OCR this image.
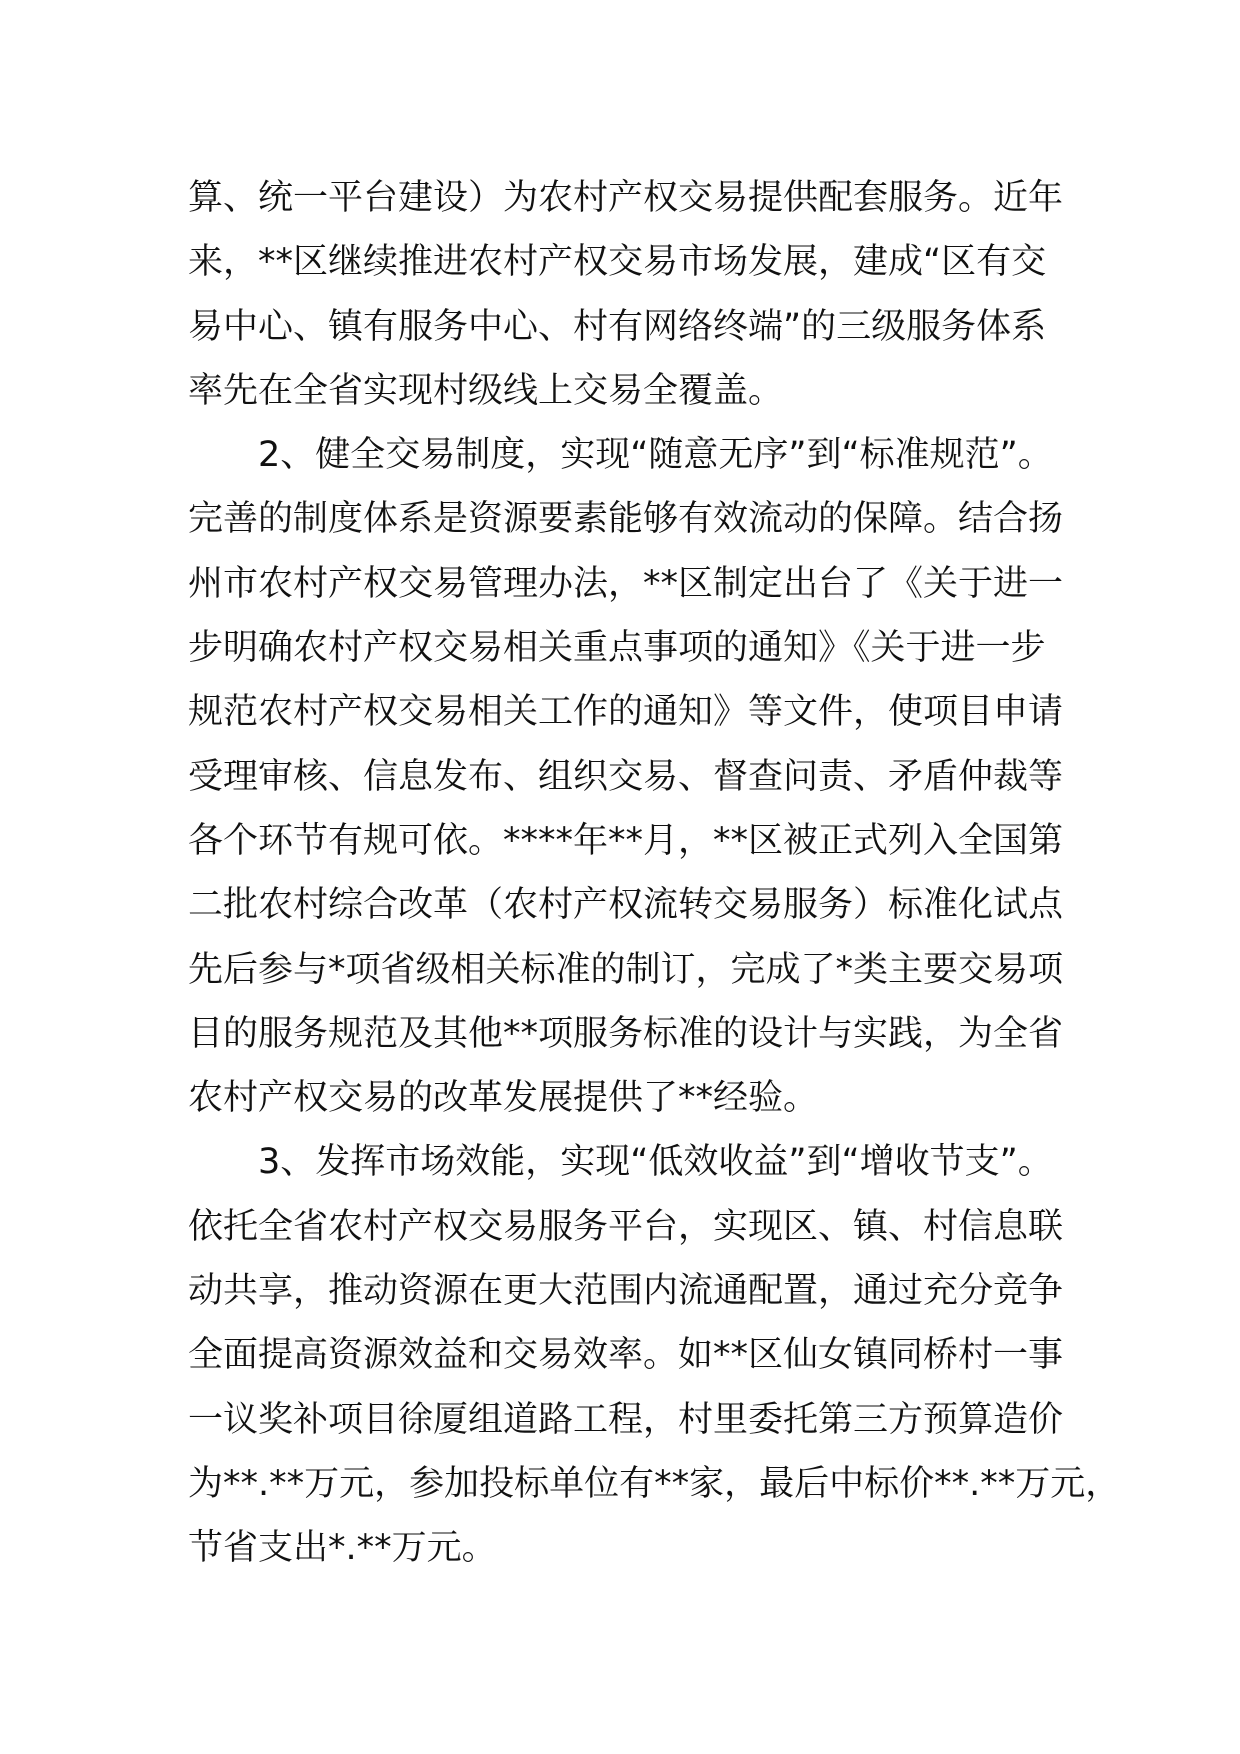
算、统一平台建设）为农村产权交易提供配套服务。近年
来，**区继续推进农村产权交易市场发展，建成“区有交
易中心、镇有服务中心、村有网络终端”的三级服务体系
率先在全省实现村级线上交易全覆盖。
2、健全交易制度，实现“随意无序”到“标准规范”。
完善的制度体系是资源要素能够有效流动的保障。结合扬
州市农村产权交易管理办法，**区制定出台了《关于进一
步明确农村产权交易相关重点事项的通知》《关于进一步
规范农村产权交易相关工作的通知》等文件，使项目申请
受理审核、信息发布、组织交易、督查问责、矛盾仲裁等
各个环节有规可依。****年**月，**区被正式列入全国第
二批农村综合改革（农村产权流转交易服务）标准化试点
先后参与*项省级相关标准的制订，完成了*类主要交易项
目的服务规范及其他**项服务标准的设计与实践，为全省
农村产权交易的改革发展提供了**经验。
3、发挥市场效能，实现“低效收益”到“增收节支”。
依托全省农村产权交易服务平台，实现区、镇、村信息联
动共享，推动资源在更大范围内流通配置，通过充分竞争
全面提高资源效益和交易效率。如**区仙女镇同桥村一事
一议奖补项目徐厦组道路工程，村里委托第三方预算造价
为**.**万元，参加投标单位有**家，最后中标价**.**万元，
节省支出*.**万元。
